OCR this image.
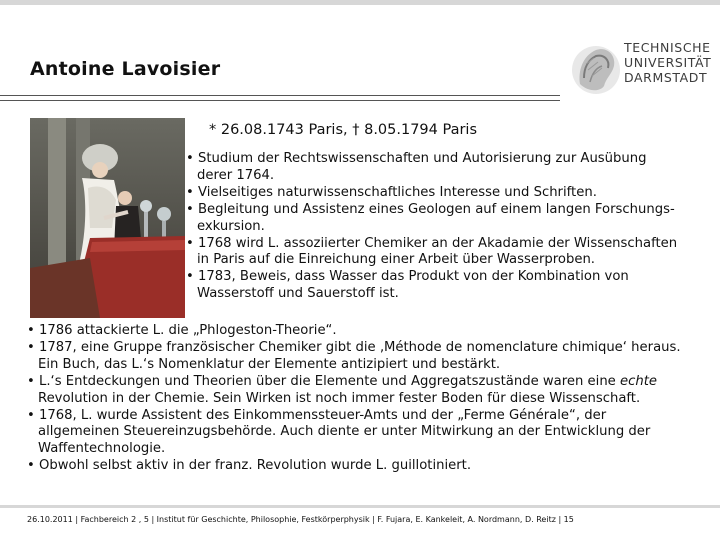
Antoine Lavoisier
TECHNISCHE
UNIVERSITÄT
DARMSTADT
* 26.08.1743 Paris, † 8.05.1794 Paris
• Studium der Rechtswissenschaften und Autorisierung zur Ausübung
derer 1764.
• Vielseitiges naturwissenschaftliches Interesse und Schriften.
• Begleitung und Assistenz eines Geologen auf einem langen Forschungs-
exkursion.
• 1768 wird L. assoziierter Chemiker an der Akadamie der Wissenschaften
in Paris auf die Einreichung einer Arbeit über Wasserproben.
• 1783, Beweis, dass Wasser das Produkt von der Kombination von
Wasserstoff und Sauerstoff ist.
• 1786 attackierte L. die „Phlogeston-Theorie“.
• 1787, eine Gruppe französischer Chemiker gibt die ‚Méthode de nomenclature chimique‘ heraus.
Ein Buch, das L.‘s Nomenklatur der Elemente antizipiert und bestärkt.
• L.‘s Entdeckungen und Theorien über die Elemente und Aggregatszustände waren eine echte
Revolution in der Chemie. Sein Wirken ist noch immer fester Boden für diese Wissenschaft.
• 1768, L. wurde Assistent des Einkommenssteuer-Amts und der „Ferme Générale“, der
allgemeinen Steuereinzugsbehörde. Auch diente er unter Mitwirkung an der Entwicklung der
Waffentechnologie.
• Obwohl selbst aktiv in der franz. Revolution wurde L. guillotiniert.
26.10.2011 | Fachbereich 2 , 5 | Institut für Geschichte, Philosophie, Festkörperphysik | F. Fujara, E. Kankeleit, A. Nordmann, D. Reitz | 15
